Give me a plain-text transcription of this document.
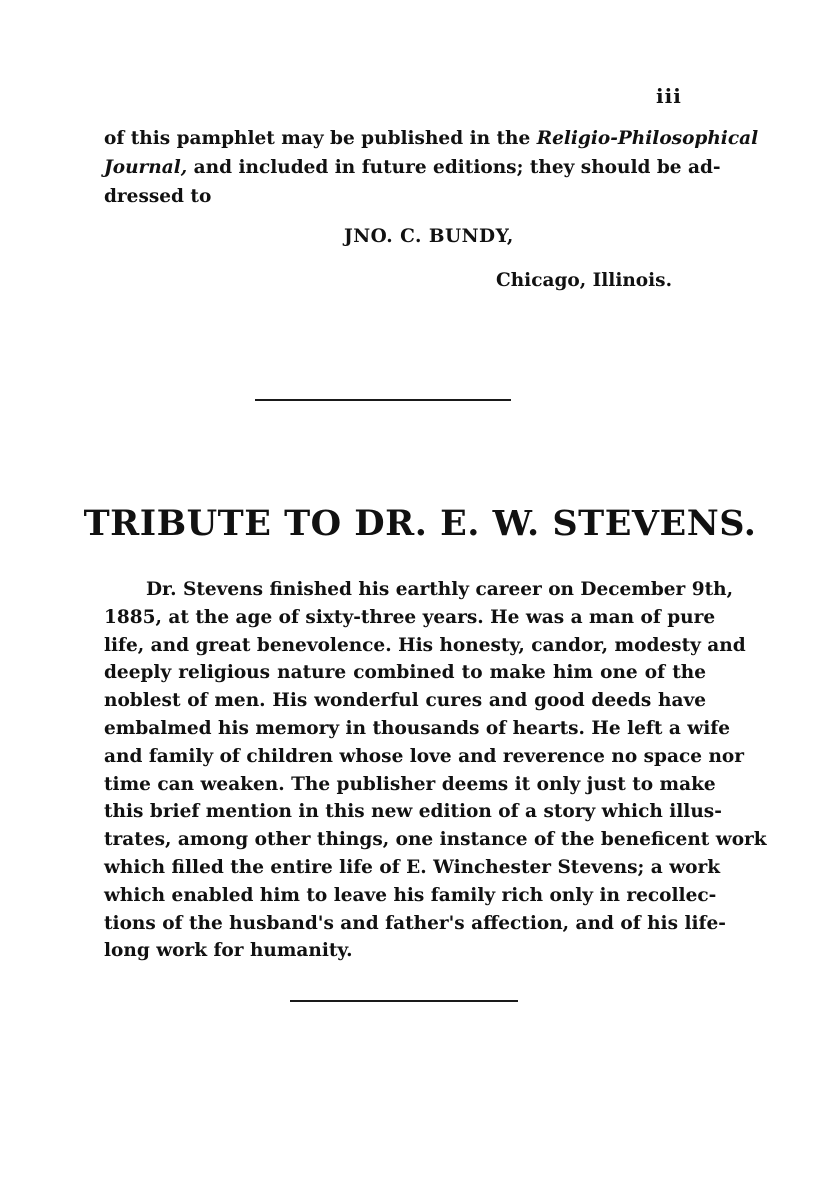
iii

of this pamphlet may be published in the Religio-Philosophical
Journal, and included in future editions; they should be ad-
dressed to

JNO. C. BUNDY,
Chicago, Illinois.
TRIBUTE TO DR. E. W. STEVENS.

Dr. Stevens finished his earthly career on December 9th,
1885, at the age of sixty-three years. He was a man of pure
life, and great benevolence. His honesty, candor, modesty and
deeply religious nature combined to make him one of the
noblest of men. His wonderful cures and good deeds have
embalmed his memory in thousands of hearts. He left a wife
and family of children whose love and reverence no space nor
time can weaken. The publisher deems it only just to make
this brief mention in this new edition of a story which illus-
trates, among other things, one instance of the beneficent work
which filled the entire life of E. Winchester Stevens; a work
which enabled him to leave his family rich only in recollec-
tions of the husband's and father's affection, and of his life-
long work for humanity.
